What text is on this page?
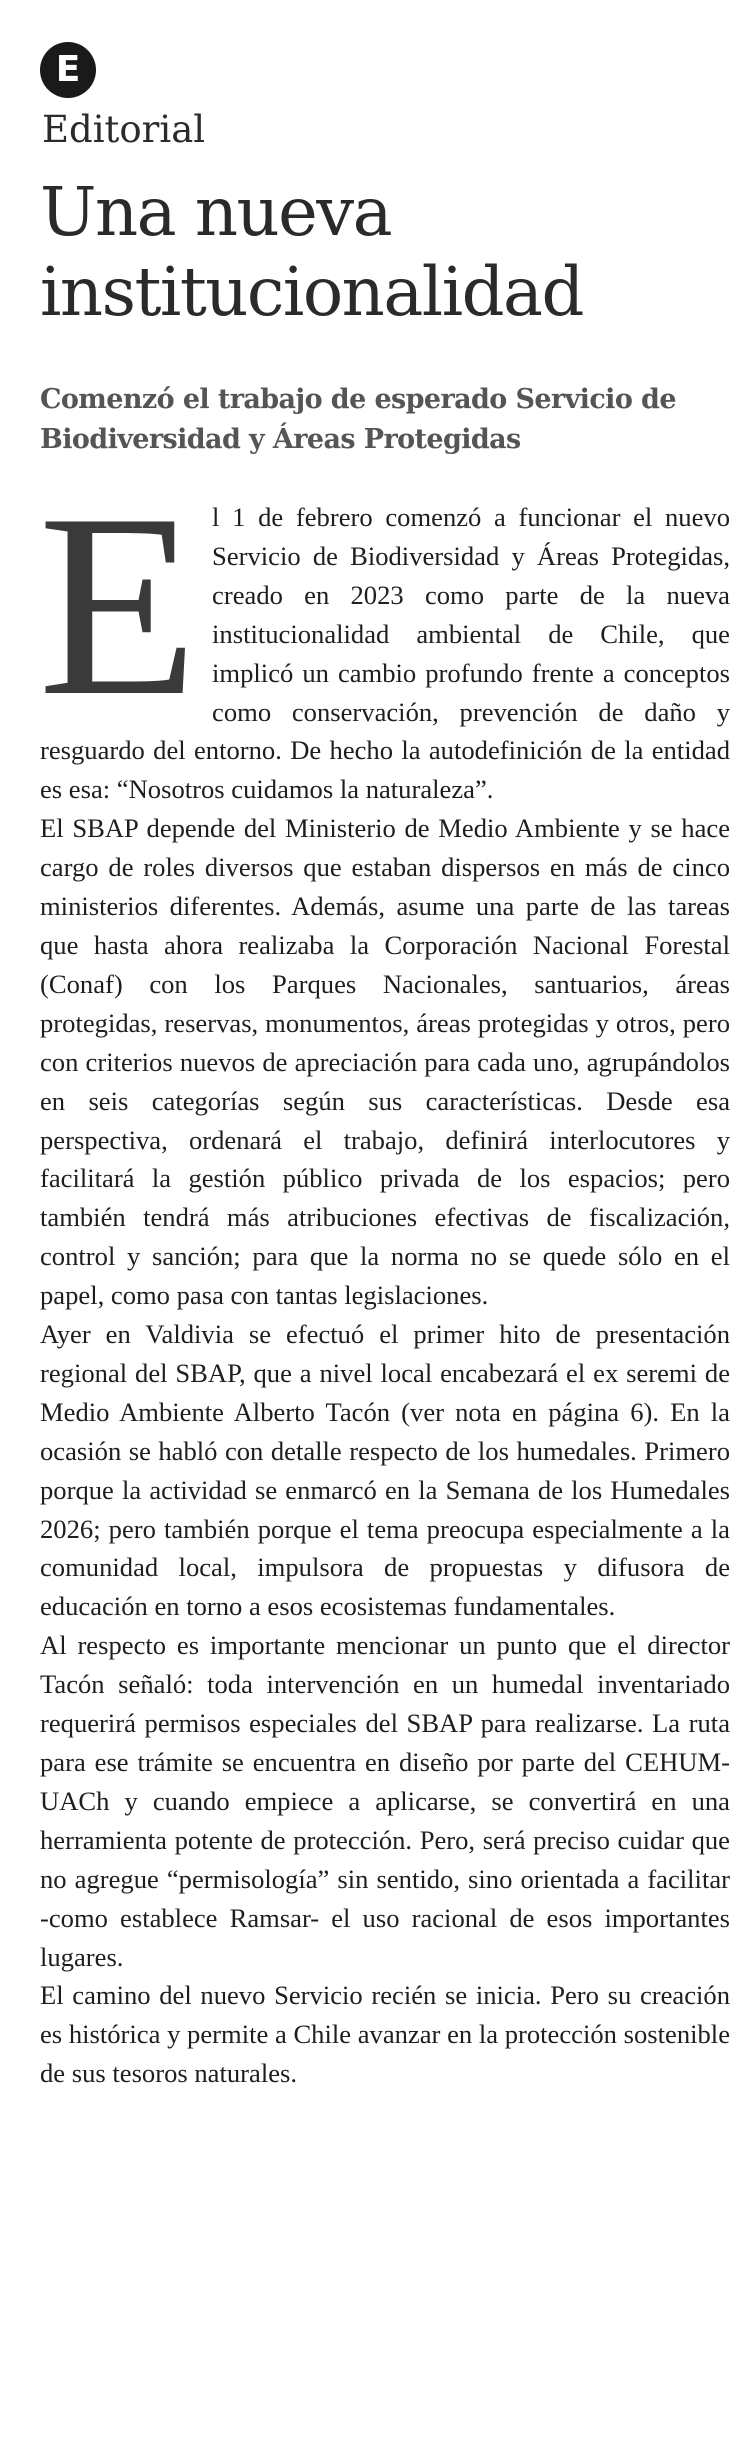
E
Editorial
Una nueva institucionalidad
Comenzó el trabajo de esperado Servicio de Biodiversidad y Áreas Protegidas

El 1 de febrero comenzó a funcionar el nuevo Servicio de Biodiversidad y Áreas Protegidas, creado en 2023 como parte de la nueva institucionalidad ambiental de Chile, que implicó un cambio profundo frente a conceptos como conservación, prevención de daño y resguardo del entorno. De hecho la autodefinición de la entidad es esa: “Nosotros cuidamos la naturaleza”.

El SBAP depende del Ministerio de Medio Ambiente y se hace cargo de roles diversos que estaban dispersos en más de cinco ministerios diferentes. Además, asume una parte de las tareas que hasta ahora realizaba la Corporación Nacional Forestal (Conaf) con los Parques Nacionales, santuarios, áreas protegidas, reservas, monumentos, áreas protegidas y otros, pero con criterios nuevos de apreciación para cada uno, agrupándolos en seis categorías según sus características. Desde esa perspectiva, ordenará el trabajo, definirá interlocutores y facilitará la gestión público privada de los espacios; pero también tendrá más atribuciones efectivas de fiscalización, control y sanción; para que la norma no se quede sólo en el papel, como pasa con tantas legislaciones.

Ayer en Valdivia se efectuó el primer hito de presentación regional del SBAP, que a nivel local encabezará el ex seremi de Medio Ambiente Alberto Tacón (ver nota en página 6). En la ocasión se habló con detalle respecto de los humedales. Primero porque la actividad se enmarcó en la Semana de los Humedales 2026; pero también porque el tema preocupa especialmente a la comunidad local, impulsora de propuestas y difusora de educación en torno a esos ecosistemas fundamentales.

Al respecto es importante mencionar un punto que el director Tacón señaló: toda intervención en un humedal inventariado requerirá permisos especiales del SBAP para realizarse. La ruta para ese trámite se encuentra en diseño por parte del CEHUM-UACh y cuando empiece a aplicarse, se convertirá en una herramienta potente de protección. Pero, será preciso cuidar que no agregue “permisología” sin sentido, sino orientada a facilitar -como establece Ramsar- el uso racional de esos importantes lugares.

El camino del nuevo Servicio recién se inicia. Pero su creación es histórica y permite a Chile avanzar en la protección sostenible de sus tesoros naturales.
